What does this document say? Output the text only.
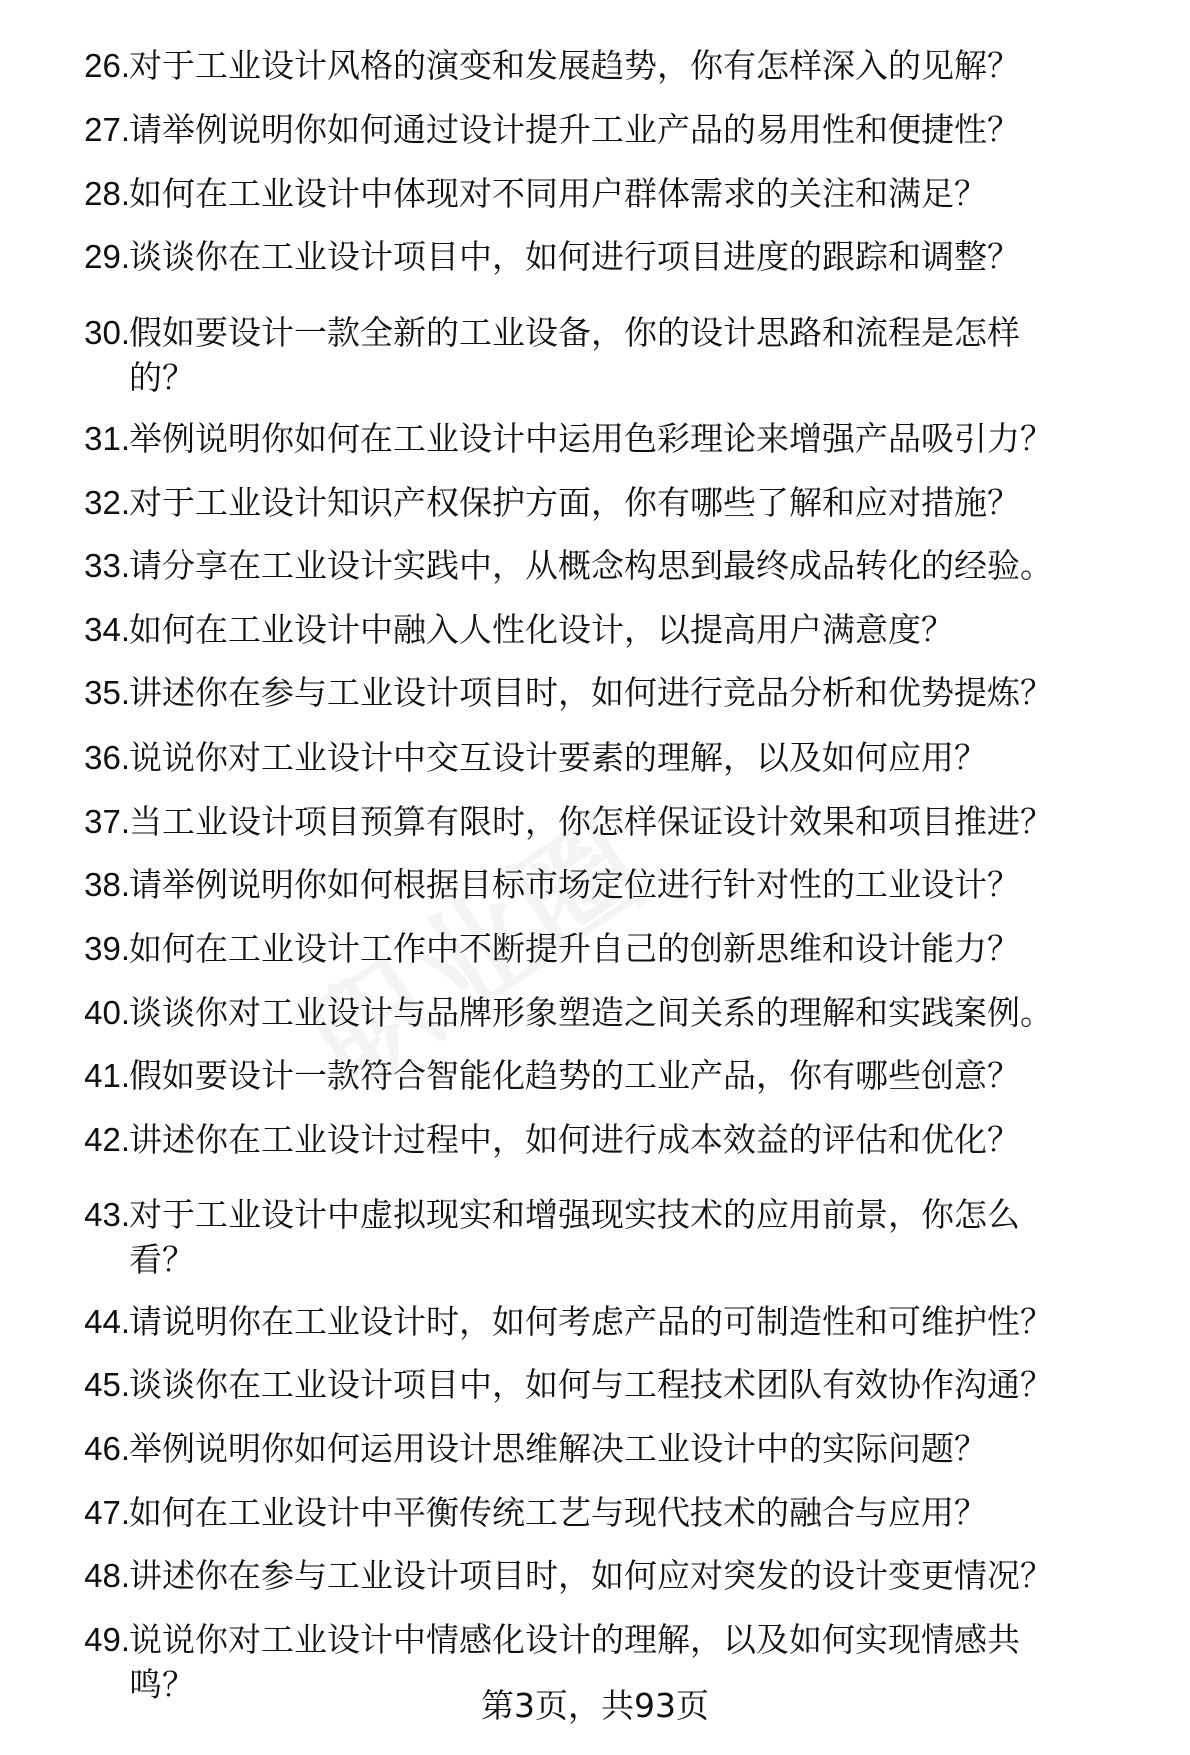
26. 对于工业设计风格的演变和发展趋势，你有怎样深入的见解？
27. 请举例说明你如何通过设计提升工业产品的易用性和便捷性？
28. 如何在工业设计中体现对不同用户群体需求的关注和满足？
29. 谈谈你在工业设计项目中，如何进行项目进度的跟踪和调整？
30. 假如要设计一款全新的工业设备，你的设计思路和流程是怎样
的？
31. 举例说明你如何在工业设计中运用色彩理论来增强产品吸引力？
32. 对于工业设计知识产权保护方面，你有哪些了解和应对措施？
33. 请分享在工业设计实践中，从概念构思到最终成品转化的经验。
34. 如何在工业设计中融入人性化设计，以提高用户满意度？
35. 讲述你在参与工业设计项目时，如何进行竞品分析和优势提炼？
36. 说说你对工业设计中交互设计要素的理解，以及如何应用？
37. 当工业设计项目预算有限时，你怎样保证设计效果和项目推进？
38. 请举例说明你如何根据目标市场定位进行针对性的工业设计？
39. 如何在工业设计工作中不断提升自己的创新思维和设计能力？
40. 谈谈你对工业设计与品牌形象塑造之间关系的理解和实践案例。
41. 假如要设计一款符合智能化趋势的工业产品，你有哪些创意？
42. 讲述你在工业设计过程中，如何进行成本效益的评估和优化？
43. 对于工业设计中虚拟现实和增强现实技术的应用前景，你怎么
看？
44. 请说明你在工业设计时，如何考虑产品的可制造性和可维护性？
45. 谈谈你在工业设计项目中，如何与工程技术团队有效协作沟通？
46. 举例说明你如何运用设计思维解决工业设计中的实际问题？
47. 如何在工业设计中平衡传统工艺与现代技术的融合与应用？
48. 讲述你在参与工业设计项目时，如何应对突发的设计变更情况？
49. 说说你对工业设计中情感化设计的理解，以及如何实现情感共
鸣？
第3页，共93页
